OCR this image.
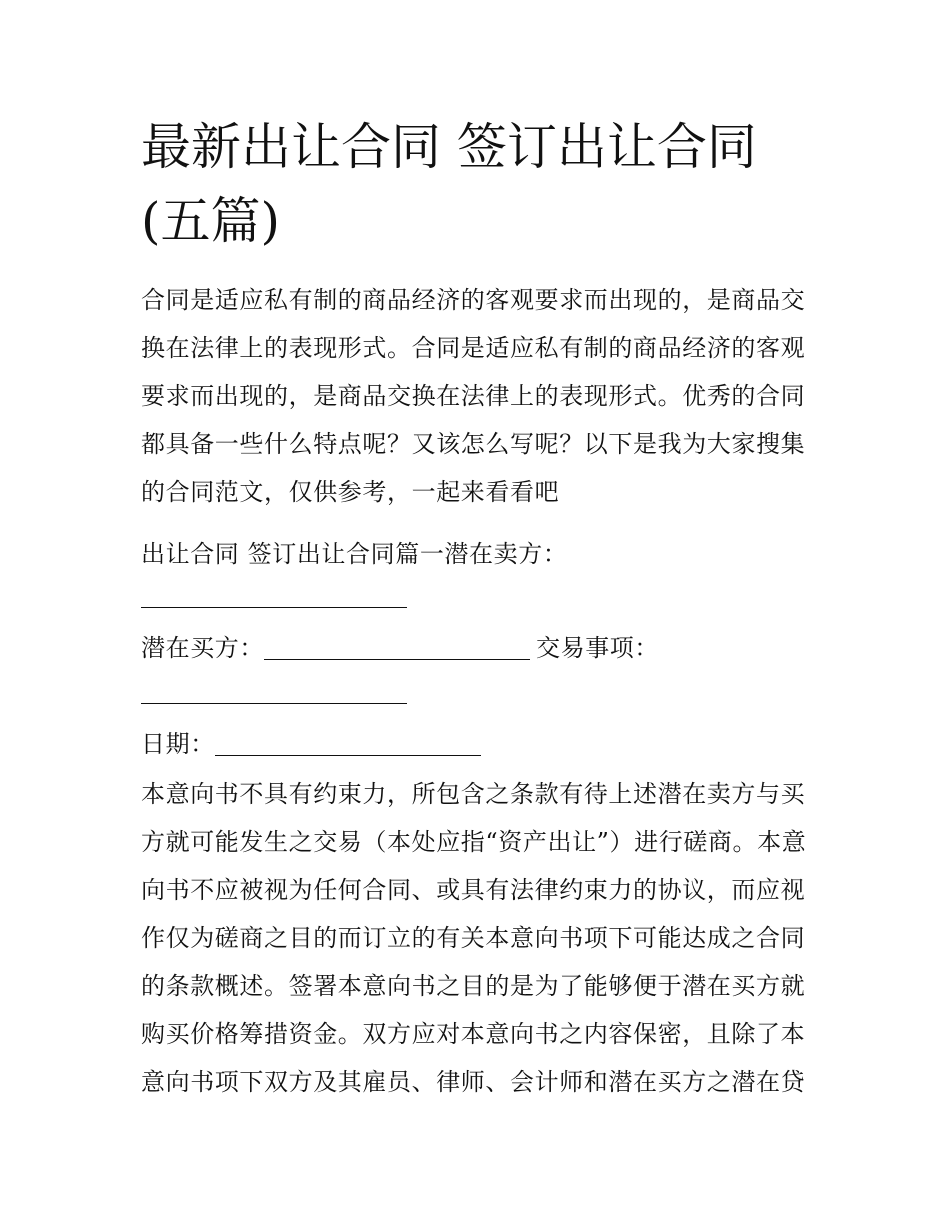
最新出让合同 签订出让合同(五篇)

合同是适应私有制的商品经济的客观要求而出现的，是商品交换在法律上的表现形式。合同是适应私有制的商品经济的客观要求而出现的，是商品交换在法律上的表现形式。优秀的合同都具备一些什么特点呢？又该怎么写呢？以下是我为大家搜集的合同范文，仅供参考，一起来看看吧

出让合同 签订出让合同篇一潜在卖方：

潜在买方：	交易事项：
日期：

本意向书不具有约束力，所包含之条款有待上述潜在卖方与买方就可能发生之交易（本处应指“资产出让”）进行磋商。本意向书不应被视为任何合同、或具有法律约束力的协议，而应视作仅为磋商之目的而订立的有关本意向书项下可能达成之合同的条款概述。签署本意向书之目的是为了能够便于潜在买方就购买价格筹措资金。双方应对本意向书之内容保密，且除了本意向书项下双方及其雇员、律师、会计师和潜在买方之潜在贷
